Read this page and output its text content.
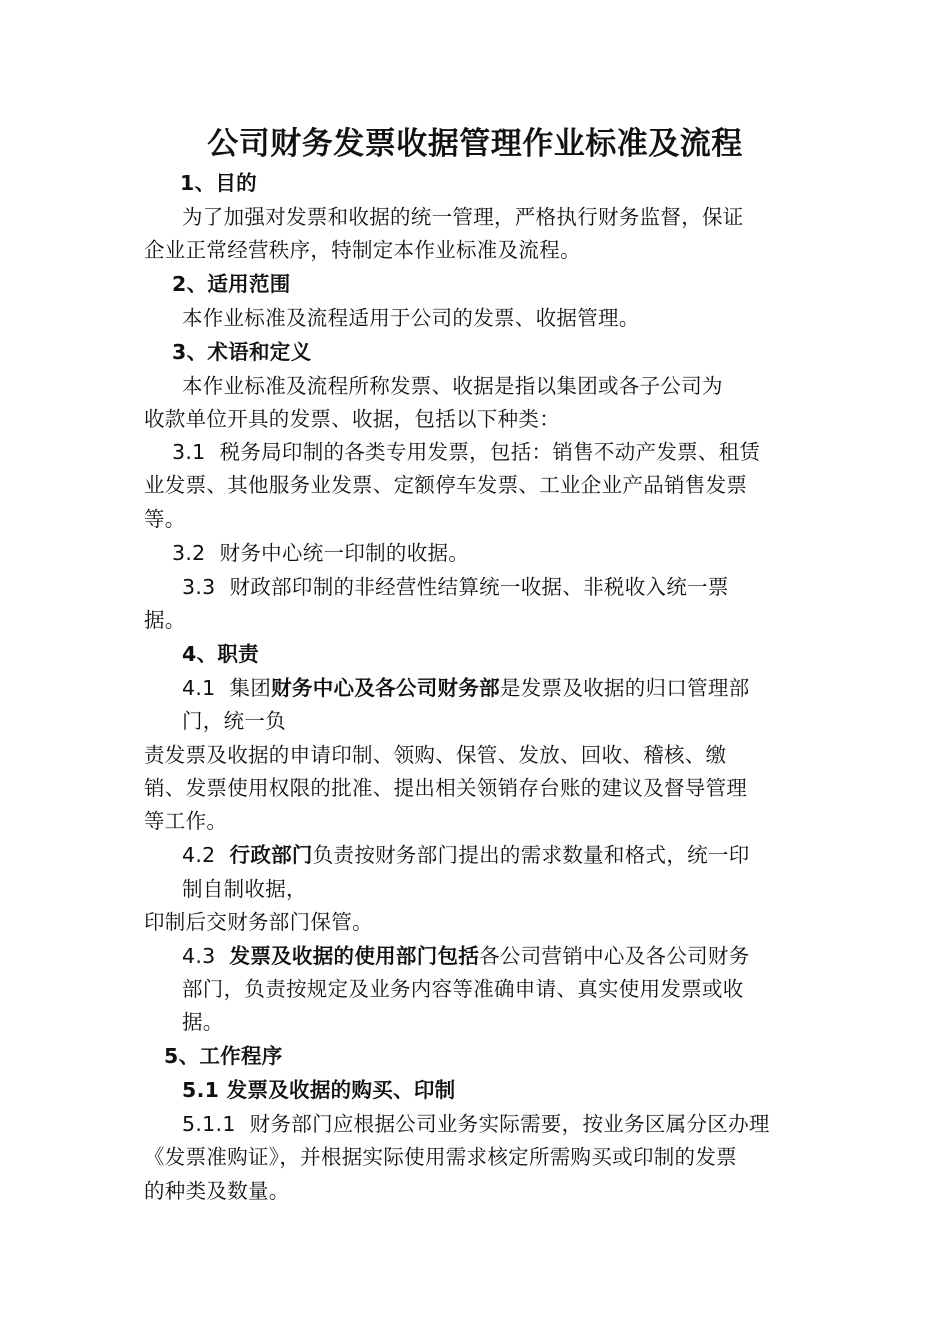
公司财务发票收据管理作业标准及流程
1、目的
为了加强对发票和收据的统一管理，严格执行财务监督，保证
企业正常经营秩序，特制定本作业标准及流程。
2、适用范围
本作业标准及流程适用于公司的发票、收据管理。
3、术语和定义
本作业标准及流程所称发票、收据是指以集团或各子公司为
收款单位开具的发票、收据，包括以下种类：
3.1 税务局印制的各类专用发票，包括：销售不动产发票、租赁
业发票、其他服务业发票、定额停车发票、工业企业产品销售发票
等。
3.2 财务中心统一印制的收据。
3.3 财政部印制的非经营性结算统一收据、非税收入统一票
据。
4、职责
4.1 集团财务中心及各公司财务部是发票及收据的归口管理部
门，统一负
责发票及收据的申请印制、领购、保管、发放、回收、稽核、缴
销、发票使用权限的批准、提出相关领销存台账的建议及督导管理
等工作。
4.2 行政部门负责按财务部门提出的需求数量和格式，统一印
制自制收据，
印制后交财务部门保管。
4.3 发票及收据的使用部门包括各公司营销中心及各公司财务
部门，负责按规定及业务内容等准确申请、真实使用发票或收
据。
5、工作程序
5.1 发票及收据的购买、印制
5.1.1 财务部门应根据公司业务实际需要，按业务区属分区办理
《发票准购证》，并根据实际使用需求核定所需购买或印制的发票
的种类及数量。
